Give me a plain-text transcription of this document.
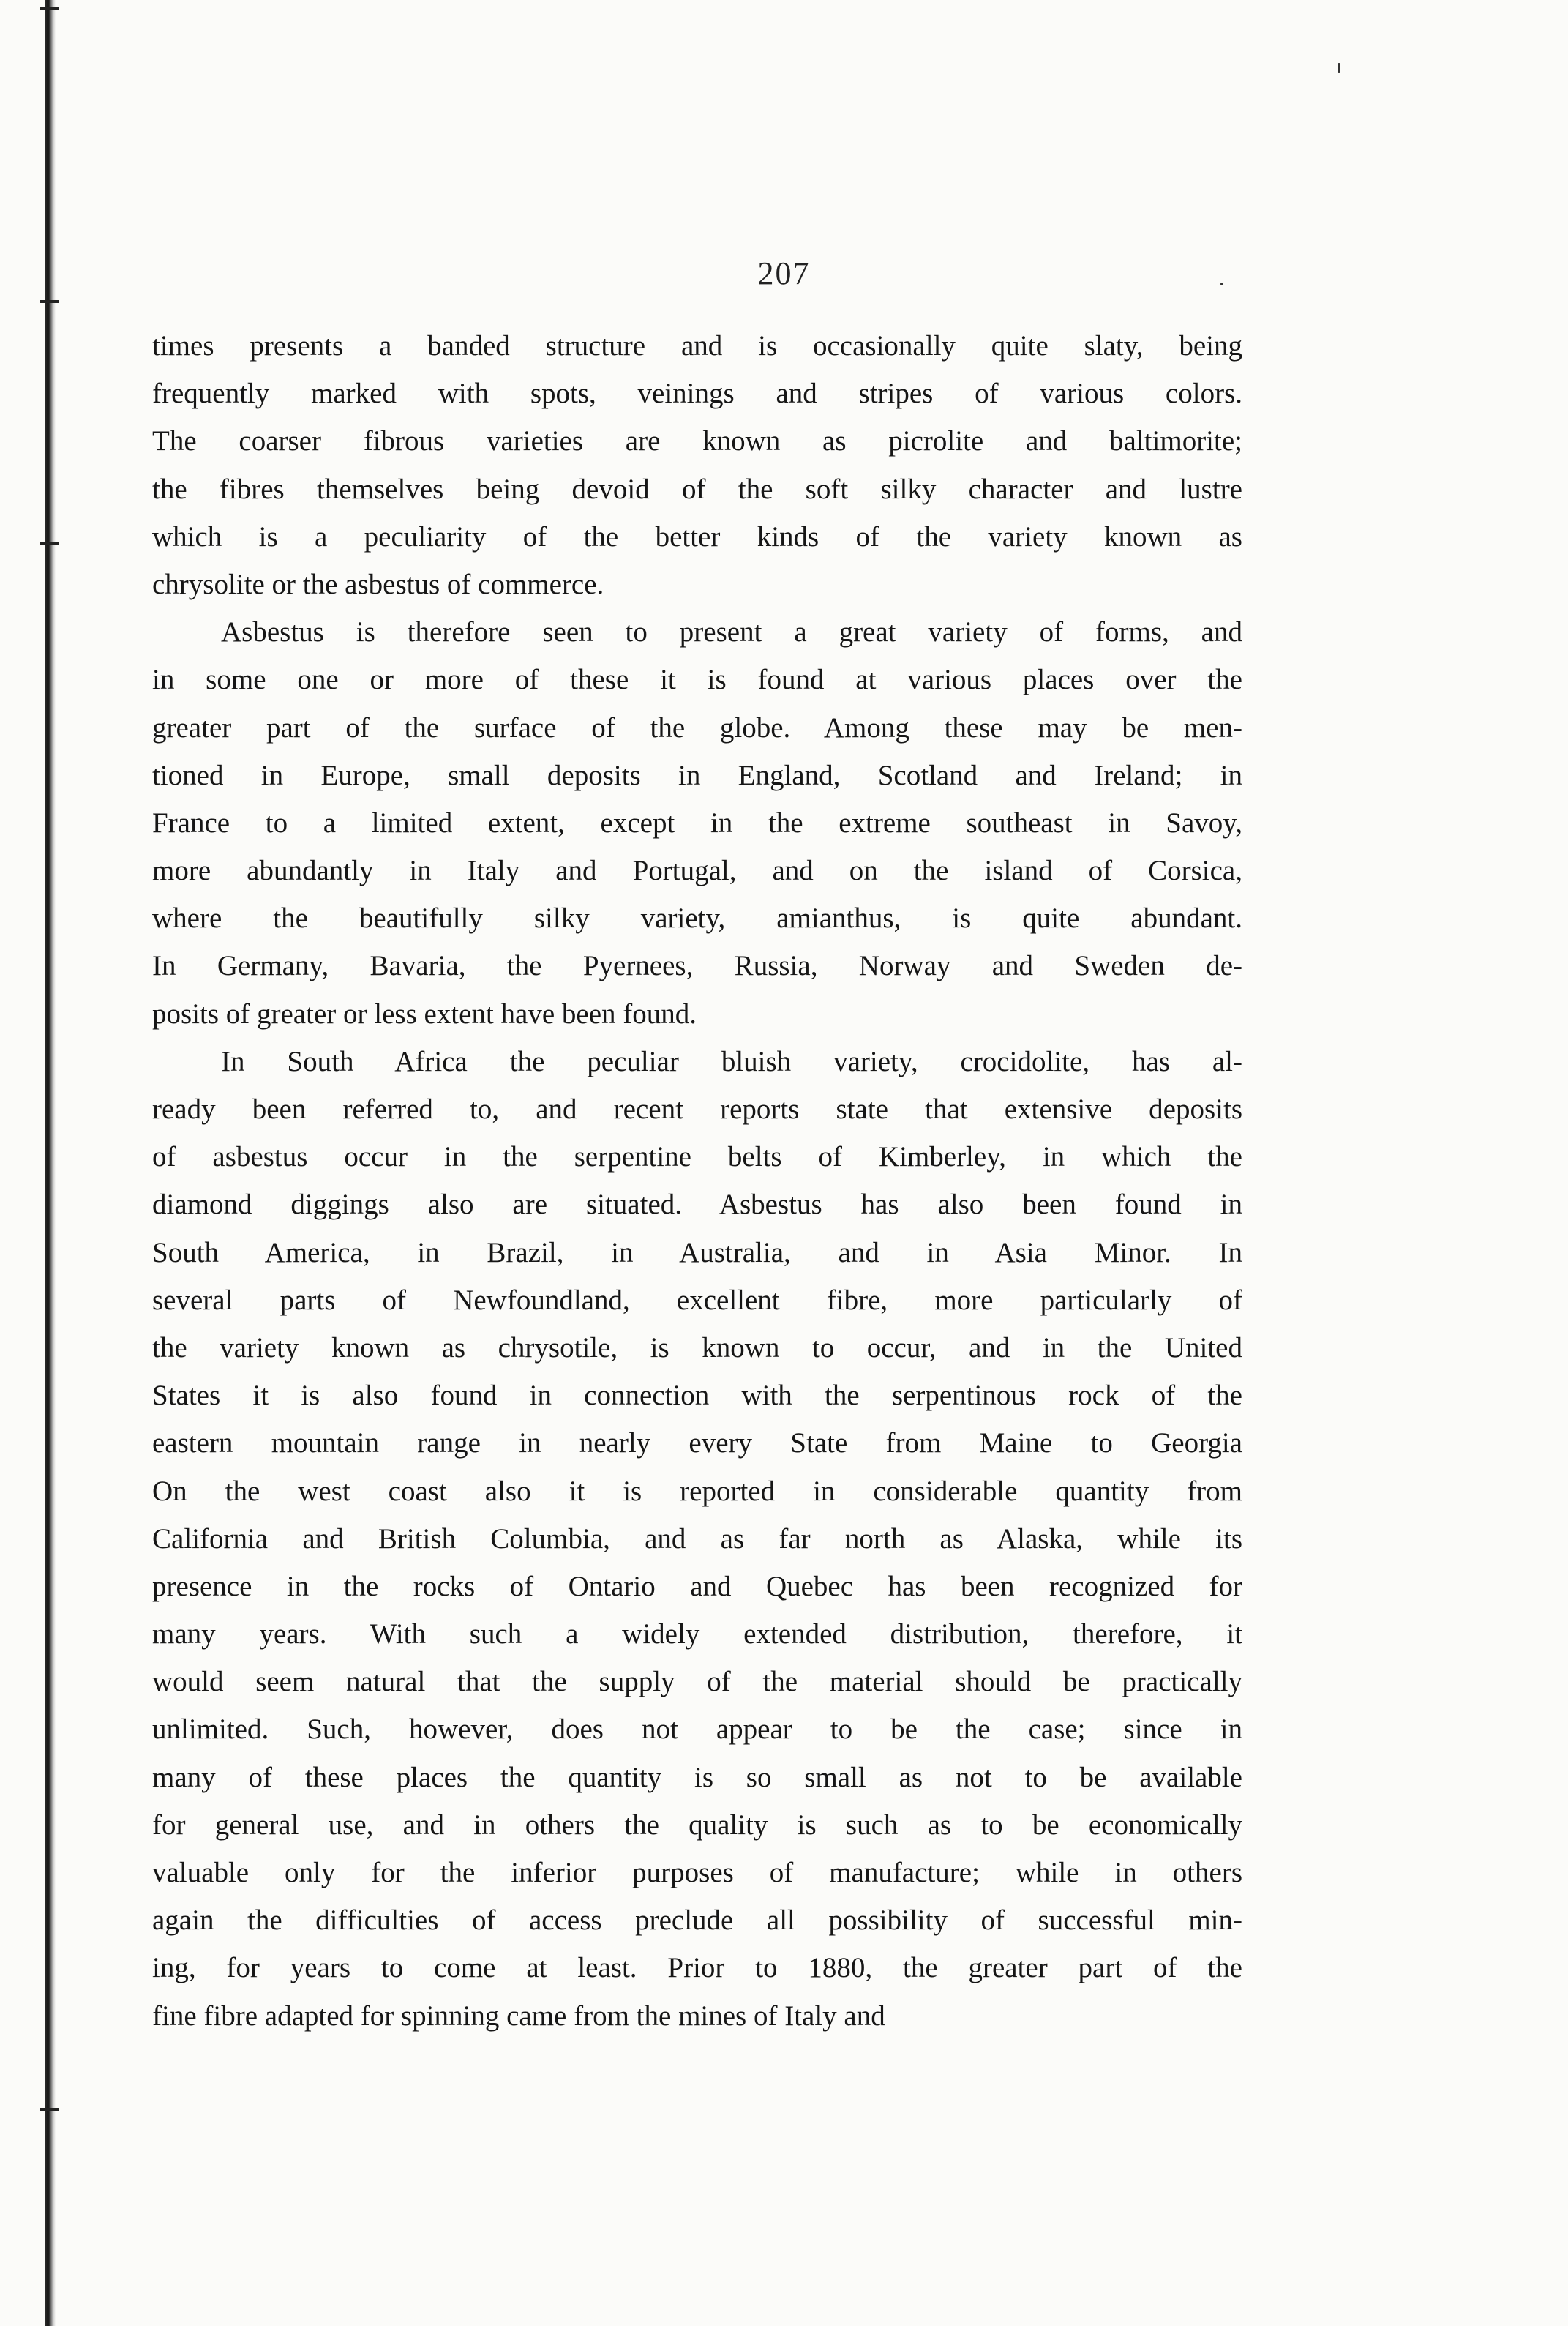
207
times presents a banded structure and is occasionally quite slaty, being
frequently marked with spots, veinings and stripes of various colors.
The coarser fibrous varieties are known as picrolite and baltimorite;
the fibres themselves being devoid of the soft silky character and lustre
which is a peculiarity of the better kinds of the variety known as
chrysolite or the asbestus of commerce.
Asbestus is therefore seen to present a great variety of forms, and
in some one or more of these it is found at various places over the
greater part of the surface of the globe. Among these may be men-
tioned in Europe, small deposits in England, Scotland and Ireland; in
France to a limited extent, except in the extreme southeast in Savoy,
more abundantly in Italy and Portugal, and on the island of Corsica,
where the beautifully silky variety, amianthus, is quite abundant.
In Germany, Bavaria, the Pyernees, Russia, Norway and Sweden de-
posits of greater or less extent have been found.
In South Africa the peculiar bluish variety, crocidolite, has al-
ready been referred to, and recent reports state that extensive deposits
of asbestus occur in the serpentine belts of Kimberley, in which the
diamond diggings also are situated. Asbestus has also been found in
South America, in Brazil, in Australia, and in Asia Minor. In
several parts of Newfoundland, excellent fibre, more particularly of
the variety known as chrysotile, is known to occur, and in the United
States it is also found in connection with the serpentinous rock of the
eastern mountain range in nearly every State from Maine to Georgia
On the west coast also it is reported in considerable quantity from
California and British Columbia, and as far north as Alaska, while its
presence in the rocks of Ontario and Quebec has been recognized for
many years. With such a widely extended distribution, therefore, it
would seem natural that the supply of the material should be practically
unlimited. Such, however, does not appear to be the case; since in
many of these places the quantity is so small as not to be available
for general use, and in others the quality is such as to be economically
valuable only for the inferior purposes of manufacture; while in others
again the difficulties of access preclude all possibility of successful min-
ing, for years to come at least. Prior to 1880, the greater part of the
fine fibre adapted for spinning came from the mines of Italy and
